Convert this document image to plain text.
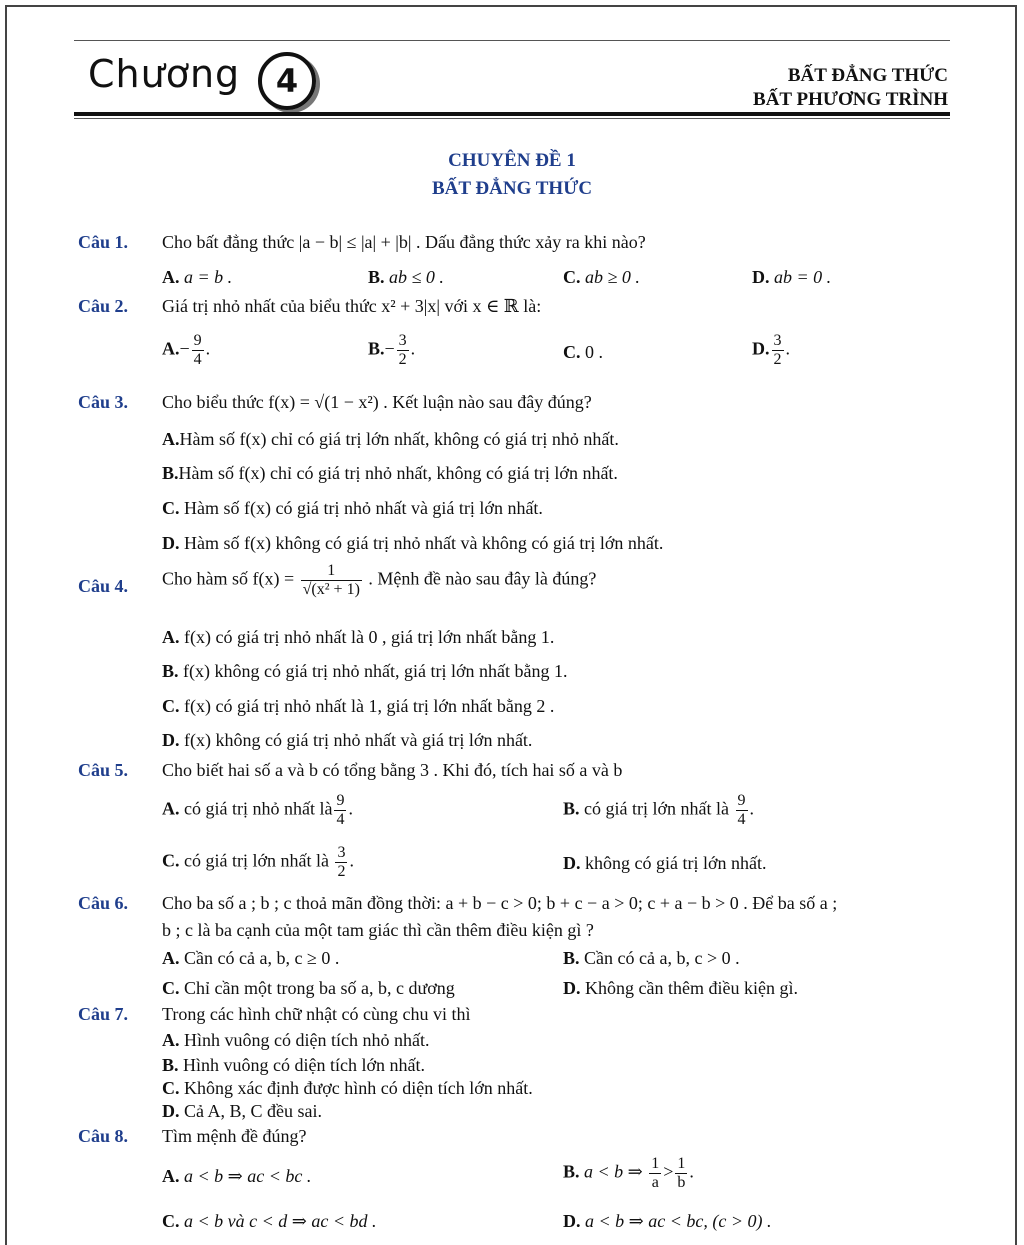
Chương	4	BẤT ĐẲNG THỨC
BẤT PHƯƠNG TRÌNH
CHUYÊN ĐỀ 1
BẤT ĐẲNG THỨC
Câu 1. Cho bất đẳng thức |a − b| ≤ |a| + |b| . Dấu đẳng thức xảy ra khi nào?
A. a = b .	B. ab ≤ 0 .	C. ab ≥ 0 .	D. ab = 0 .
Câu 2. Giá trị nhỏ nhất của biểu thức x² + 3|x| với x ∈ ℝ là:
$A.- \frac{9}{4}$ .	$B.- \frac{3}{2}$ .	C. 0 .	D. $\frac{3}{2}$ .
Câu 3. Cho biểu thức f(x) = √(1 − x²) . Kết luận nào sau đây đúng?
A.Hàm số f(x) chỉ có giá trị lớn nhất, không có giá trị nhỏ nhất.
B.Hàm số f(x) chỉ có giá trị nhỏ nhất, không có giá trị lớn nhất.
C. Hàm số f(x) có giá trị nhỏ nhất và giá trị lớn nhất.
D. Hàm số f(x) không có giá trị nhỏ nhất và không có giá trị lớn nhất.
Câu 4. Cho hàm số $f(x) = \frac{1}{\text{√(x² + 1)}}$ . Mệnh đề nào sau đây là đúng?
A. f(x) có giá trị nhỏ nhất là 0 , giá trị lớn nhất bằng 1.
B. f(x) không có giá trị nhỏ nhất, giá trị lớn nhất bằng 1.
C. f(x) có giá trị nhỏ nhất là 1, giá trị lớn nhất bằng 2 .
D. f(x) không có giá trị nhỏ nhất và giá trị lớn nhất.
Câu 5. Cho biết hai số a và b có tổng bằng 3 . Khi đó, tích hai số a và b
A. có giá trị nhỏ nhất là $\frac{9}{4}$ .	B. có giá trị lớn nhất là $\frac{9}{4}$ .
C. có giá trị lớn nhất là $\frac{3}{2}$ .	D. không có giá trị lớn nhất.
Câu 6. Cho ba số a ; b ; c thoả mãn đồng thời: a + b − c > 0; b + c − a > 0; c + a − b > 0 . Để ba số a ;
b ; c là ba cạnh của một tam giác thì cần thêm điều kiện gì ?
A. Cần có cả a, b, c ≥ 0 .	B. Cần có cả a, b, c > 0 .
C. Chỉ cần một trong ba số a, b, c dương	D. Không cần thêm điều kiện gì.
Câu 7. Trong các hình chữ nhật có cùng chu vi thì
A. Hình vuông có diện tích nhỏ nhất.
B. Hình vuông có diện tích lớn nhất.
C. Không xác định được hình có diện tích lớn nhất.
D. Cả A, B, C đều sai.
Câu 8. Tìm mệnh đề đúng?
A. a < b ⇒ ac < bc .	B. a < b ⇒ $\frac{1}{a} > \frac{1}{b}$ .
C. a < b và c < d ⇒ ac < bd .	D. a < b ⇒ ac < bc, (c > 0) .
